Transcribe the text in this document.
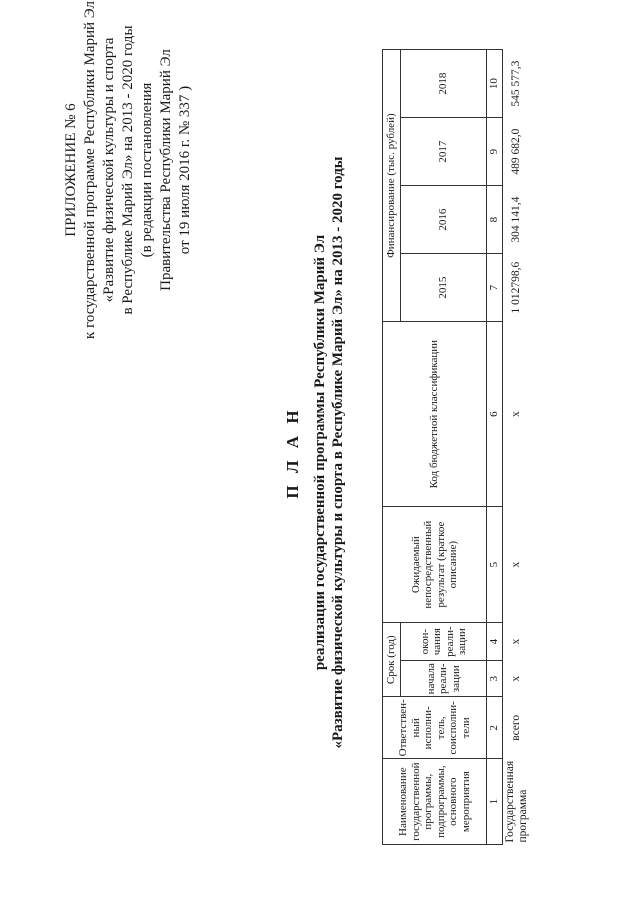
ПРИЛОЖЕНИЕ № 6 к государственной программе Республики Марий Эл «Развитие физической культуры и спорта в Республике Марий Эл» на 2013 - 2020 годы (в редакции постановления Правительства Республики Марий Эл от 19 июля 2016 г. № 337 )
П Л А Н реализации государственной программы Республики Марий Эл «Развитие физической культуры и спорта в Республике Марий Эл» на 2013 - 2020 годы
Наименование государственной программы, подпрограммы, основного мероприятия	Ответствен-ный исполни-тель, соисполни-тели	Срок (год)		Ожидаемый непосредственный результат (краткое описание)	Код бюджетной классификации	Финансирование (тыс. рублей)			
		начала реали-зации	окон-чания реали-зации			2015	2016	2017	2018
1	2	3	4	5	6	7	8	9	10
Государственная программа	всего	х	х	х	х	1 012798,6	304 141,4	489 682,0	545 577,3
